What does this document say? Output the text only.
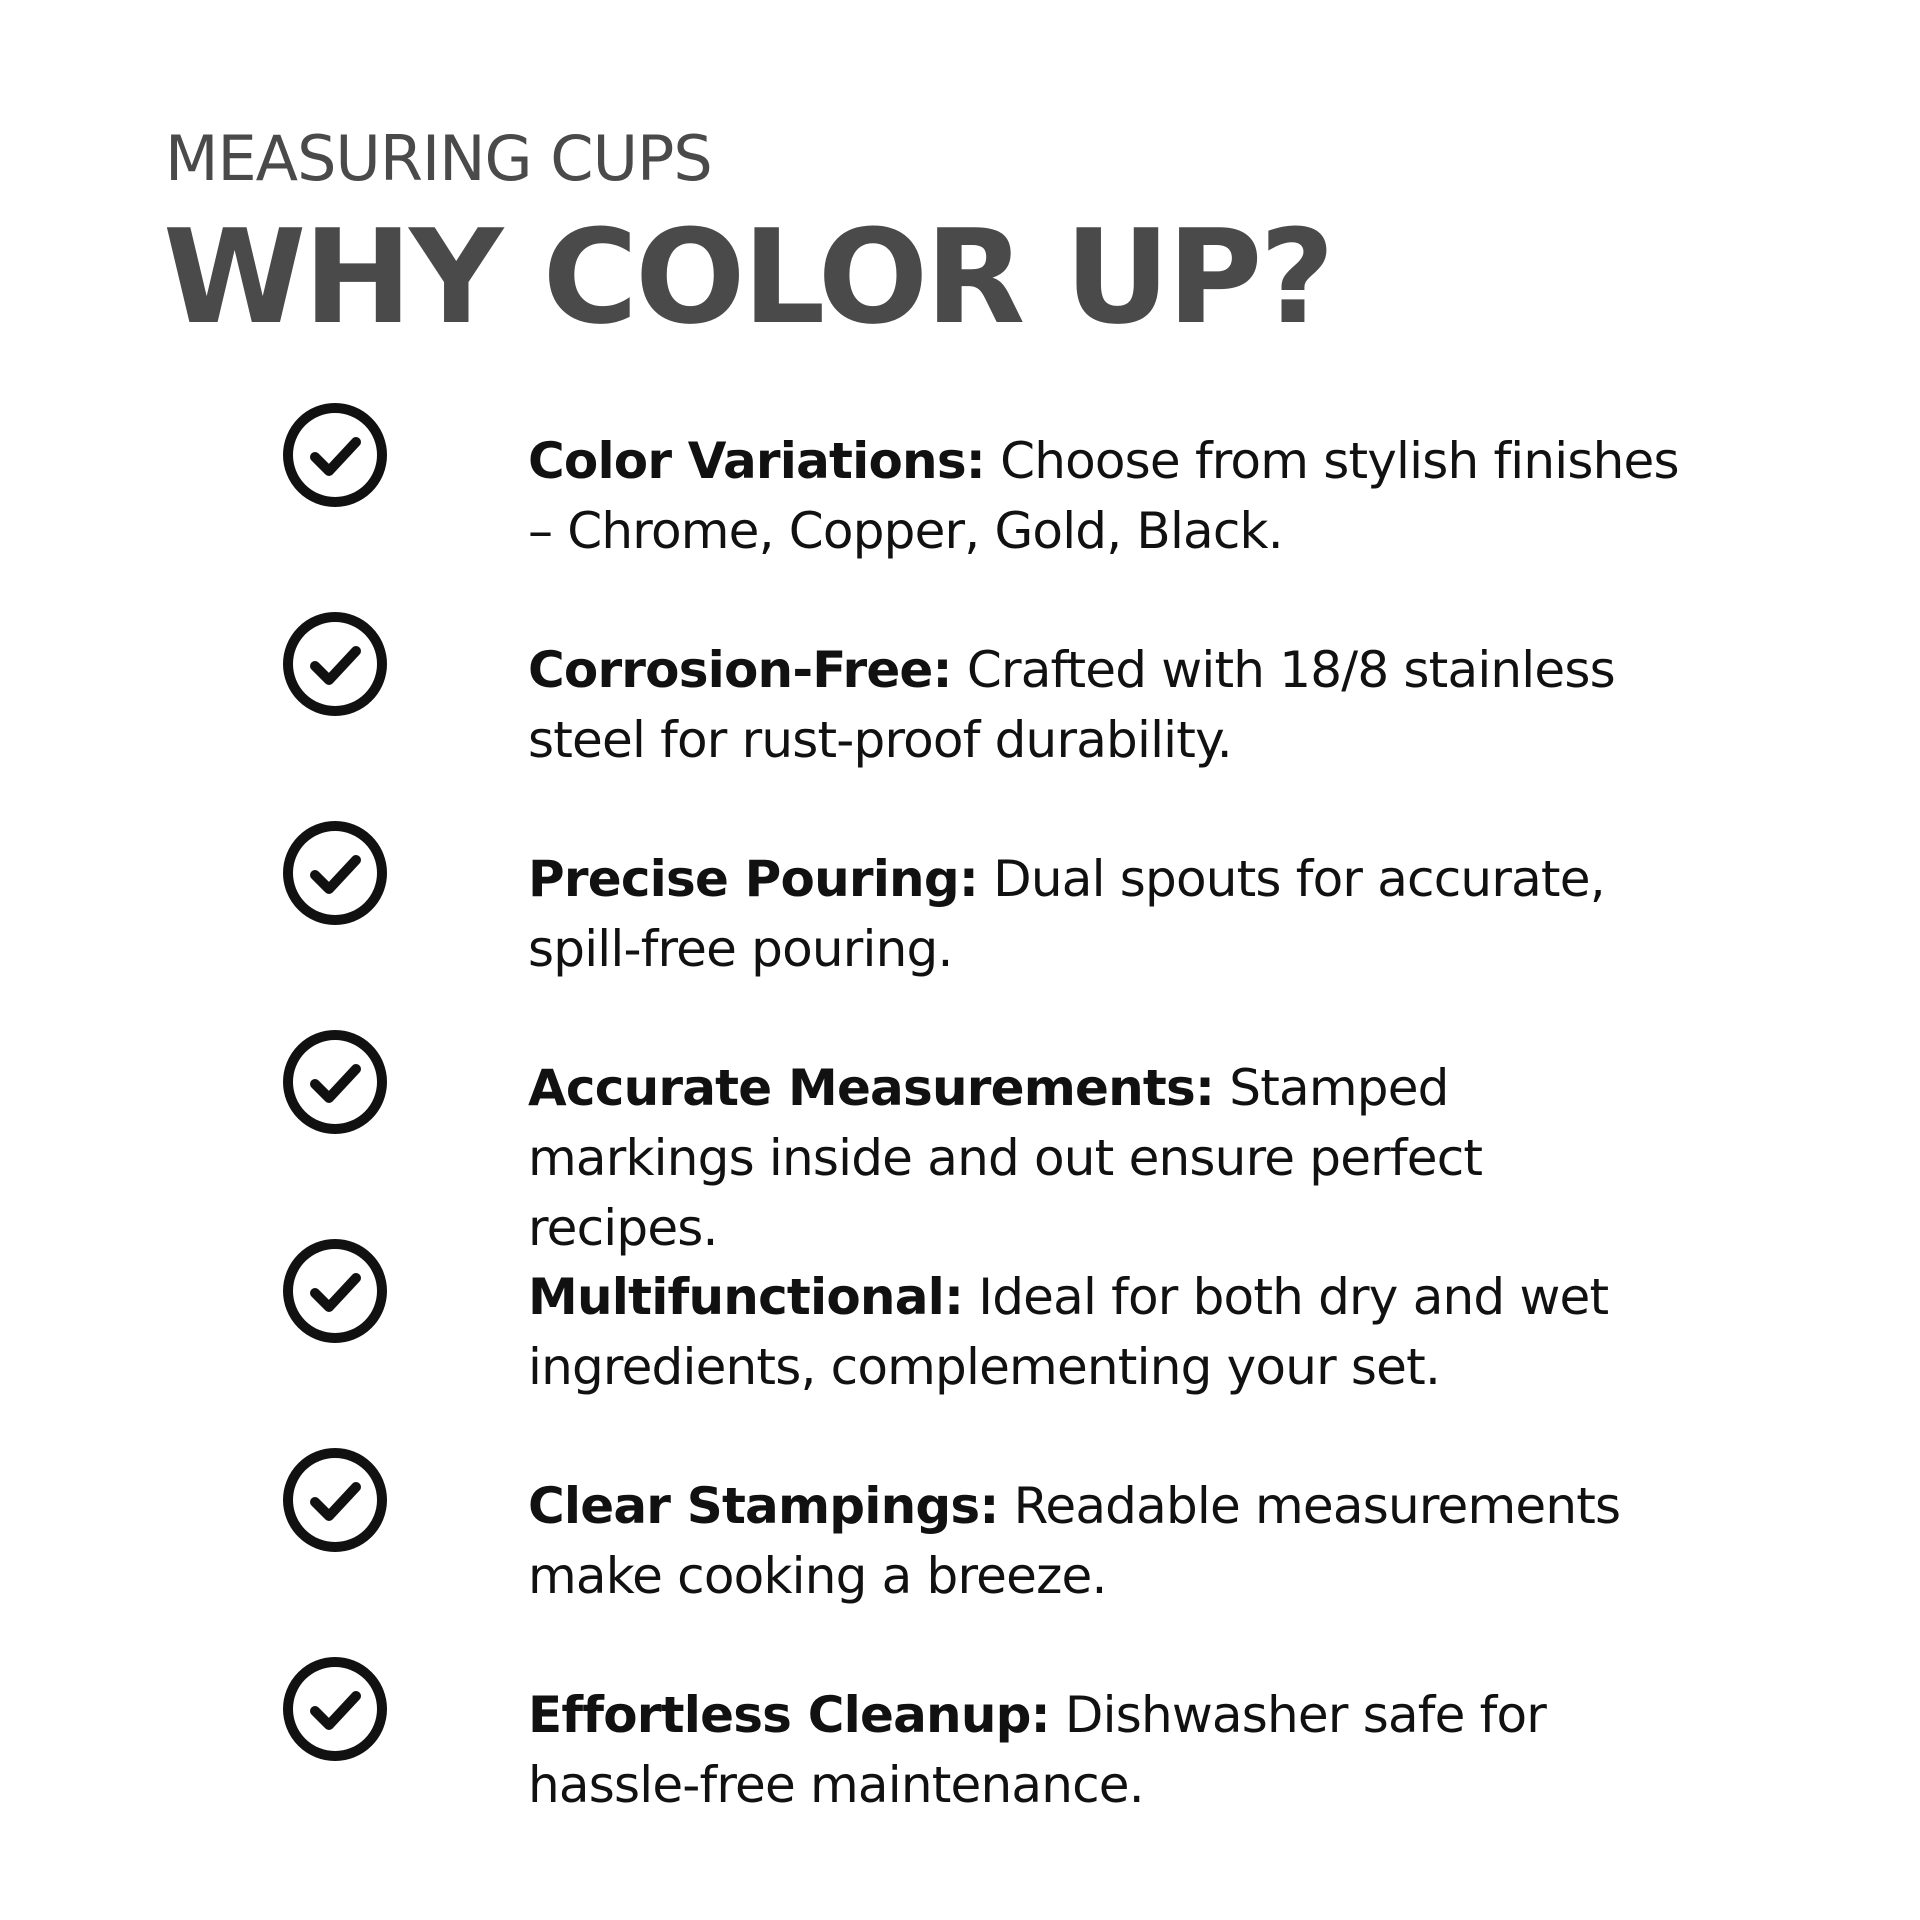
MEASURING CUPS
WHY COLOR UP?

Color Variations: Choose from stylish finishes – Chrome, Copper, Gold, Black.

Corrosion-Free: Crafted with 18/8 stainless steel for rust-proof durability.

Precise Pouring: Dual spouts for accurate, spill-free pouring.

Accurate Measurements: Stamped markings inside and out ensure perfect recipes.

Multifunctional: Ideal for both dry and wet ingredients, complementing your set.

Clear Stampings: Readable measurements make cooking a breeze.

Effortless Cleanup: Dishwasher safe for hassle-free maintenance.
